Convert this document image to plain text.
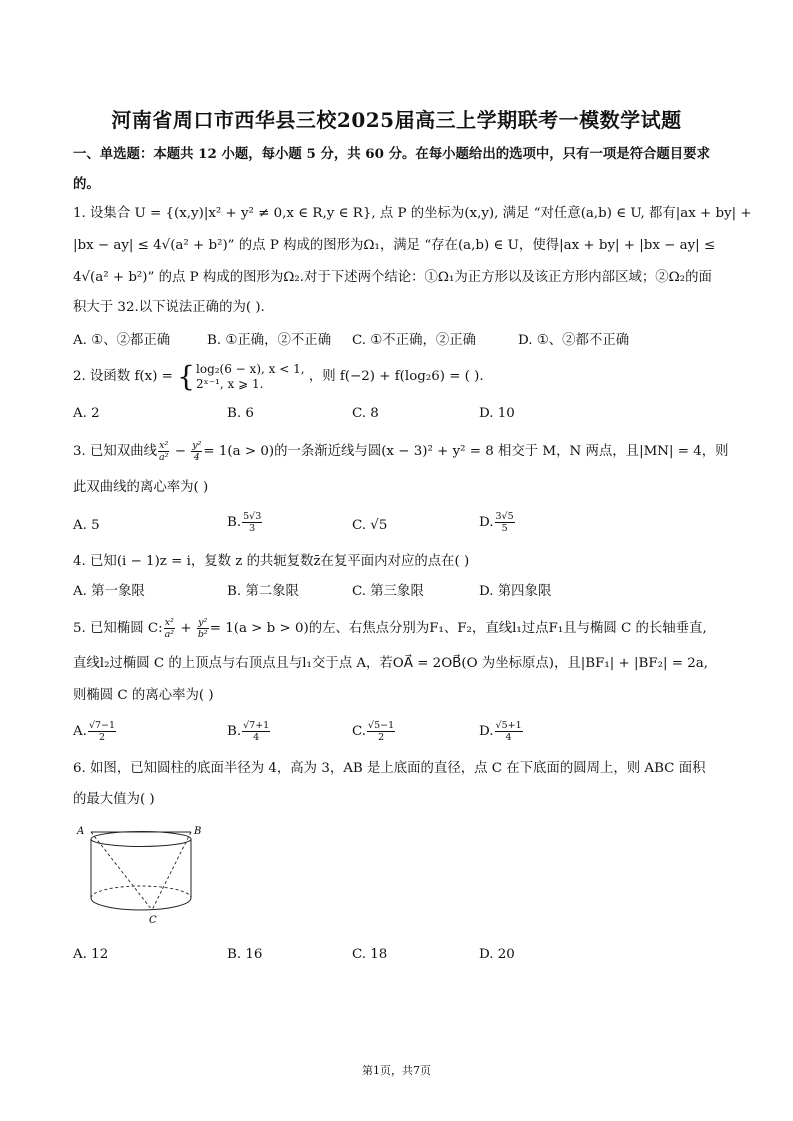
河南省周口市西华县三校2025届高三上学期联考一模数学试题
一、单选题：本题共 12 小题，每小题 5 分，共 60 分。在每小题给出的选项中，只有一项是符合题目要求
的。
1. 设集合 U = {(x,y)|x² + y² ≠ 0,x ∈ R,y ∈ R}, 点 P 的坐标为(x,y), 满足 “对任意(a,b) ∈ U, 都有|ax + by| +
|bx − ay| ≤ 4√(a² + b²)” 的点 P 构成的图形为Ω₁，满足 “存在(a,b) ∈ U，使得|ax + by| + |bx − ay| ≤
4√(a² + b²)” 的点 P 构成的图形为Ω₂.对于下述两个结论：①Ω₁为正方形以及该正方形内部区域；②Ω₂的面
积大于 32.以下说法正确的为( ).
A. ①、②都正确	B. ①正确，②不正确 C. ①不正确，②正确	D. ①、②都不正确
2. 设函数 f(x) = { log₂(6 − x), x < 1,
2ˣ⁻¹, x ⩾ 1.	，则 f(−2) + f(log₂6) = ( ).
A. 2	B. 6	C. 8	D. 10
3. 已知双曲线 $\frac{\text{x²}}{\text{a²}} - \frac{\text{y²}}{4} = 1(a > 0)$的一条渐近线与圆(x − 3)² + y² = 8 相交于 M，N 两点，且|MN| = 4，则
此双曲线的离心率为( )
A. 5	B. $\frac{5√3}{3}$	C. √5	D. $\frac{3√5}{5}$
4. 已知(i − 1)z = i，复数 z 的共轭复数z̄在复平面内对应的点在( )
A. 第一象限	B. 第二象限	C. 第三象限	D. 第四象限
5. 已知椭圆 C: $\frac{\text{x²}}{\text{a²}} + \frac{\text{y²}}{\text{b²}} = 1(a > b > 0)$的左、右焦点分别为F₁、F₂，直线l₁过点F₁且与椭圆 C 的长轴垂直,
直线l₂过椭圆 C 的上顶点与右顶点且与l₁交于点 A，若OA⃗ = 2OB⃗(O 为坐标原点)，且|BF₁| + |BF₂| = 2a,
则椭圆 C 的离心率为( )
A. $\frac{√7-1}{2}$	B. $\frac{√7+1}{4}$	C. $\frac{√5-1}{2}$	D. $\frac{√5+1}{4}$
6. 如图，已知圆柱的底面半径为 4，高为 3，AB 是上底面的直径，点 C 在下底面的圆周上，则 ABC 面积
的最大值为( )
A	B
C
A. 12	B. 16	C. 18	D. 20
第1页，共7页
